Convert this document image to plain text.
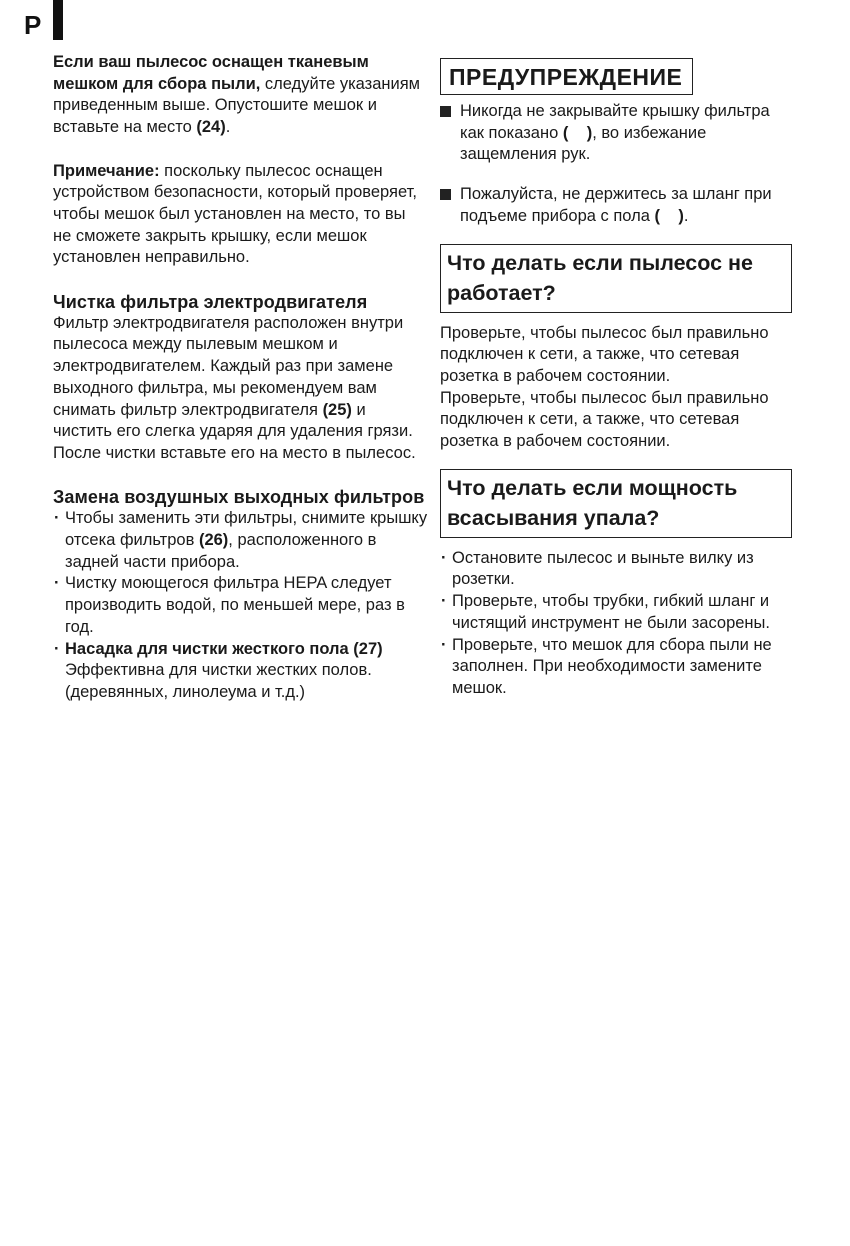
P

Если ваш пылесос оснащен тканевым мешком для сбора пыли, следуйте указаниям приведенным выше. Опустошите мешок и вставьте на место (24).

Примечание: поскольку пылесос оснащен устройством безопасности, который проверяет, чтобы мешок был установлен на место, то вы не сможете закрыть крышку, если мешок установлен неправильно.

Чистка фильтра электродвигателя

Фильтр электродвигателя расположен внутри пылесоса между пылевым мешком и электродвигателем. Каждый раз при замене выходного фильтра, мы рекомендуем вам снимать фильтр электродвигателя (25) и чистить его слегка ударяя для удаления грязи. После чистки вставьте его на место в пылесос.

Замена воздушных выходных фильтров
· Чтобы заменить эти фильтры, снимите крышку отсека фильтров (26), расположенного в задней части прибора.
· Чистку моющегося фильтра HEPA следует производить водой, по меньшей мере, раз в год.
· Насадка для чистки жесткого пола (27)
Эффективна для чистки жестких полов. (деревянных, линолеума и т.д.)
ПРЕДУПРЕЖДЕНИЕ
Никогда не закрывайте крышку фильтра как показано (    ), во избежание защемления рук.
Пожалуйста, не держитесь за шланг при подъеме прибора с пола (    ).
Что делать если пылесос не работает?

Проверьте, чтобы пылесос был правильно подключен к сети, а также, что сетевая розетка в рабочем состоянии.

Проверьте, чтобы пылесос был правильно подключен к сети, а также, что сетевая розетка в рабочем состоянии.

Что делать если мощность всасывания упала?
· Остановите пылесос и выньте вилку из розетки.
· Проверьте, чтобы трубки, гибкий шланг и чистящий инструмент не были засорены.
· Проверьте, что мешок для сбора пыли не заполнен. При необходимости замените мешок.
